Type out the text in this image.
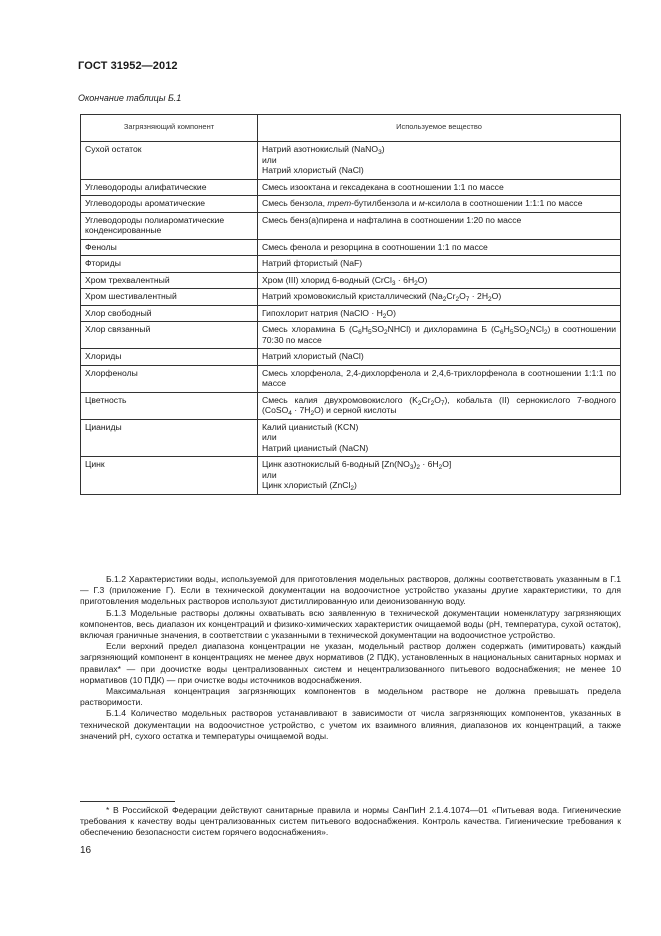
ГОСТ 31952—2012
Окончание таблицы Б.1
Загрязняющий компонент	Используемое вещество
Сухой остаток	Натрий азотнокислый (NaNO$_3$)
или
Натрий хлористый (NaCl)

Углеводороды алифатические	Смесь изооктана и гексадекана в соотношении 1:1 по массе

Углеводороды ароматические	Смесь бензола, трет-бутилбензола и м-ксилола в соотношении 1:1:1 по массе

Углеводороды полиароматические конденсированные	Смесь бенз(а)пирена и нафталина в соотношении 1:20 по массе

Фенолы	Смесь фенола и резорцина в соотношении 1:1 по массе

Фториды	Натрий фтористый (NaF)

Хром трехвалентный	Хром (III) хлорид 6-водный (CrCl$_3$ · $6H_2O$)

Хром шестивалентный	Натрий хромовокислый кристаллический $(Na_2Cr_2O_7 \cdot 2H_2O)$

Хлор свободный	Гипохлорит натрия (NaClO · $H_2O$)

Хлор связанный	Смесь хлорамина Б $(C_6H_5SO_2NHCl)$ и дихлорамина Б $(C_6H_5SO_2NCl_2)$ в соотношении 70:30 по массе

Хлориды	Натрий хлористый (NaCl)

Хлорфенолы	Смесь хлорфенола, 2,4-дихлорфенола и 2,4,6-трихлорфенола в соотношении 1:1:1 по массе

Цветность	Смесь калия двухромовокислого $(K_2Cr_2O_7)$, кобальта (II) сернокислого 7-водного (CoSO$_4$ · $7H_2O$) и серной кислоты

Цианиды	Калий цианистый (KCN)
или
Натрий цианистый (NaCN)

Цинк	Цинк азотнокислый 6-водный $[Zn(NO_3)_2 \cdot 6H_2O]$
или
Цинк хлористый (ZnCl$_2$)

Б.1.2 Характеристики воды, используемой для приготовления модельных растворов, должны соответствовать указанным в Г.1 — Г.3 (приложение Г). Если в технической документации на водоочистное устройство указаны другие характеристики, то для приготовления модельных растворов используют дистиллированную или деионизованную воду.

Б.1.3 Модельные растворы должны охватывать всю заявленную в технической документации номенклатуру загрязняющих компонентов, весь диапазон их концентраций и физико-химических характеристик очищаемой воды (pH, температура, сухой остаток), включая граничные значения, в соответствии с указанными в технической документации на водоочистное устройство.

Если верхний предел диапазона концентрации не указан, модельный раствор должен содержать (имитировать) каждый загрязняющий компонент в концентрациях не менее двух нормативов (2 ПДК), установленных в национальных санитарных нормах и правилах* — при доочистке воды централизованных систем и нецентрализованного питьевого водоснабжения; не менее 10 нормативов (10 ПДК) — при очистке воды источников водоснабжения.

Максимальная концентрация загрязняющих компонентов в модельном растворе не должна превышать предела растворимости.

Б.1.4 Количество модельных растворов устанавливают в зависимости от числа загрязняющих компонентов, указанных в технической документации на водоочистное устройство, с учетом их взаимного влияния, диапазонов их концентраций, а также значений pH, сухого остатка и температуры очищаемой воды.

* В Российской Федерации действуют санитарные правила и нормы СанПиН 2.1.4.1074—01 «Питьевая вода. Гигиенические требования к качеству воды централизованных систем питьевого водоснабжения. Контроль качества. Гигиенические требования к обеспечению безопасности систем горячего водоснабжения».

16
